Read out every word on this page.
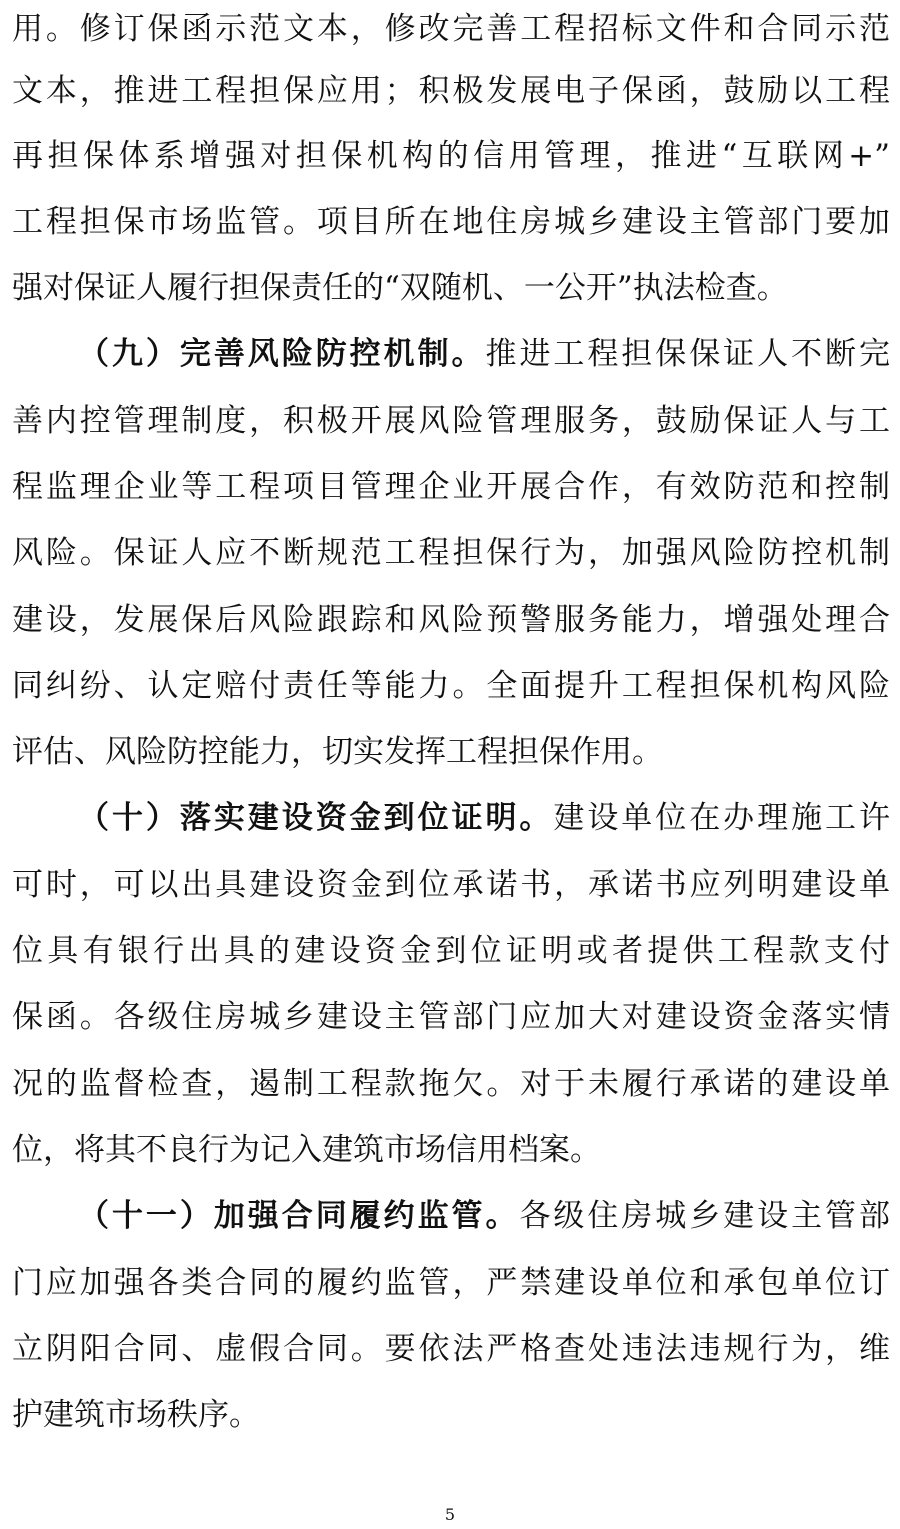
用。修订保函示范文本，修改完善工程招标文件和合同示范
文本，推进工程担保应用；积极发展电子保函，鼓励以工程
再担保体系增强对担保机构的信用管理，推进“互联网+”
工程担保市场监管。项目所在地住房城乡建设主管部门要加
强对保证人履行担保责任的“双随机、一公开”执法检查。
（九）完善风险防控机制。推进工程担保保证人不断完
善内控管理制度，积极开展风险管理服务，鼓励保证人与工
程监理企业等工程项目管理企业开展合作，有效防范和控制
风险。保证人应不断规范工程担保行为，加强风险防控机制
建设，发展保后风险跟踪和风险预警服务能力，增强处理合
同纠纷、认定赔付责任等能力。全面提升工程担保机构风险
评估、风险防控能力，切实发挥工程担保作用。
（十）落实建设资金到位证明。建设单位在办理施工许
可时，可以出具建设资金到位承诺书，承诺书应列明建设单
位具有银行出具的建设资金到位证明或者提供工程款支付
保函。各级住房城乡建设主管部门应加大对建设资金落实情
况的监督检查，遏制工程款拖欠。对于未履行承诺的建设单
位，将其不良行为记入建筑市场信用档案。
（十一）加强合同履约监管。各级住房城乡建设主管部
门应加强各类合同的履约监管，严禁建设单位和承包单位订
立阴阳合同、虚假合同。要依法严格查处违法违规行为，维
护建筑市场秩序。
5
